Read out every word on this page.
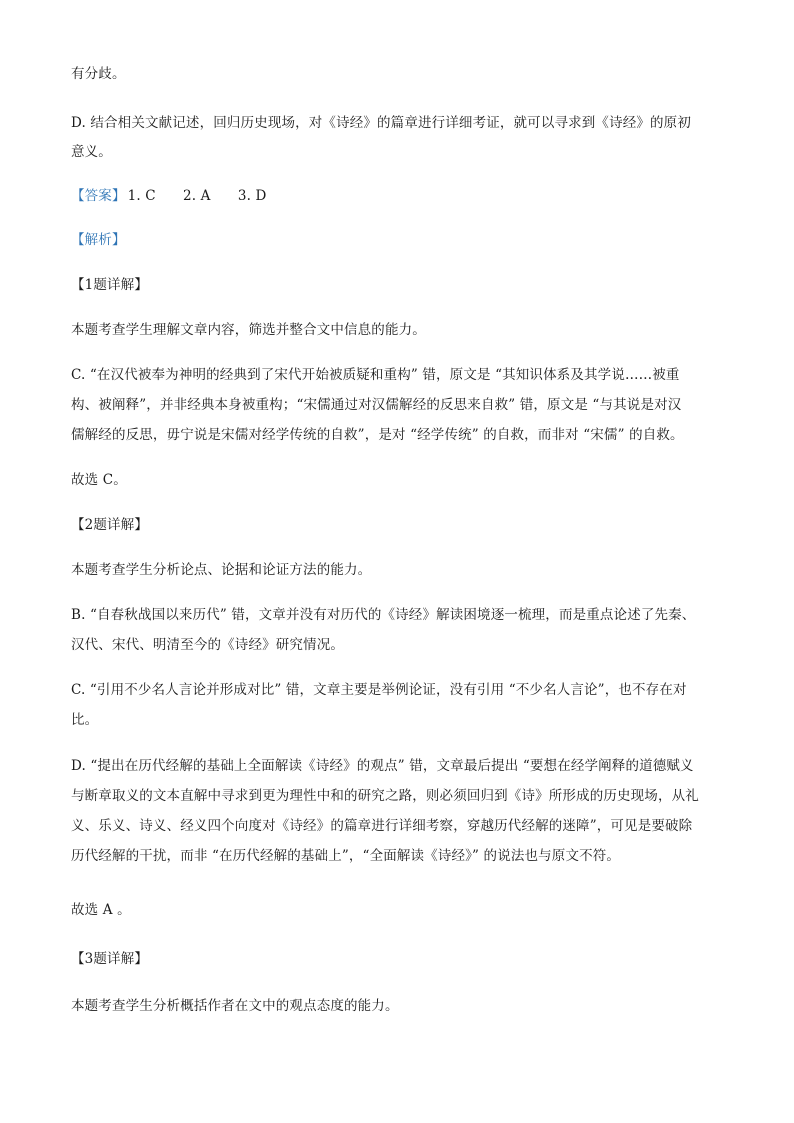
有分歧。
D. 结合相关文献记述，回归历史现场，对《诗经》的篇章进行详细考证，就可以寻求到《诗经》的原初
意义。
【答案】 1. C　　2. A　　3. D
【解析】
【1题详解】
本题考查学生理解文章内容，筛选并整合文中信息的能力。
C. “在汉代被奉为神明的经典到了宋代开始被质疑和重构” 错，原文是 “其知识体系及其学说……被重
构、被阐释”，并非经典本身被重构；“宋儒通过对汉儒解经的反思来自救” 错，原文是 “与其说是对汉
儒解经的反思，毋宁说是宋儒对经学传统的自救”，是对 “经学传统” 的自救，而非对 “宋儒” 的自救。
故选 C。
【2题详解】
本题考查学生分析论点、论据和论证方法的能力。
B. “自春秋战国以来历代” 错，文章并没有对历代的《诗经》解读困境逐一梳理，而是重点论述了先秦、
汉代、宋代、明清至今的《诗经》研究情况。
C. “引用不少名人言论并形成对比” 错，文章主要是举例论证，没有引用 “不少名人言论”，也不存在对
比。
D. “提出在历代经解的基础上全面解读《诗经》的观点” 错，文章最后提出 “要想在经学阐释的道德赋义
与断章取义的文本直解中寻求到更为理性中和的研究之路，则必须回归到《诗》所形成的历史现场，从礼
义、乐义、诗义、经义四个向度对《诗经》的篇章进行详细考察，穿越历代经解的迷障”，可见是要破除
历代经解的干扰，而非 “在历代经解的基础上”，“全面解读《诗经》” 的说法也与原文不符。
故选 A 。
【3题详解】
本题考查学生分析概括作者在文中的观点态度的能力。
